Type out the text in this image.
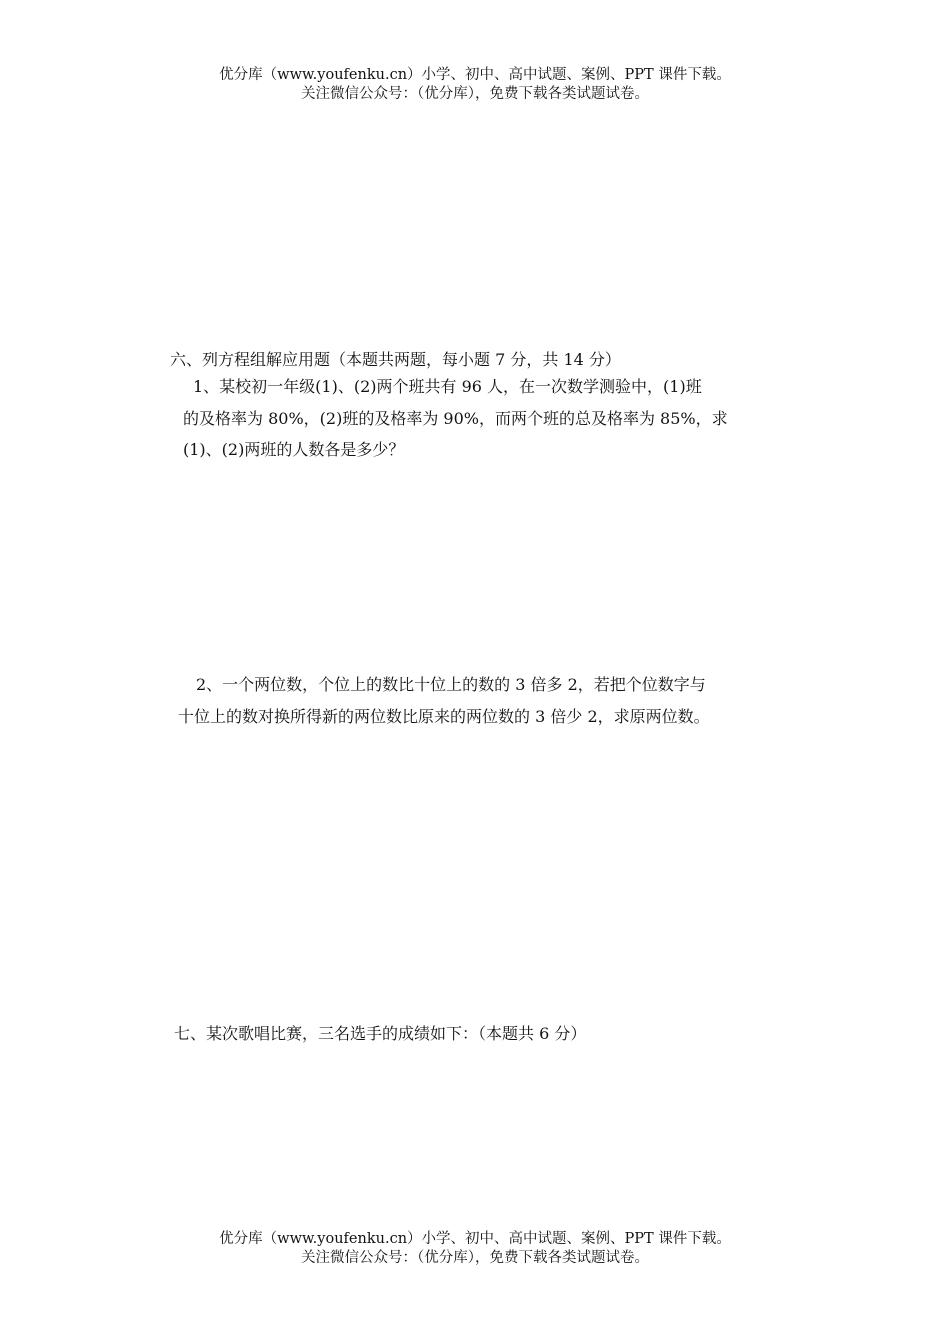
优分库（www.youfenku.cn）小学、初中、高中试题、案例、PPT 课件下载。
关注微信公众号：（优分库），免费下载各类试题试卷。
六、列方程组解应用题（本题共两题，每小题 7 分，共 14 分）
1、某校初一年级(1)、(2)两个班共有 96 人，在一次数学测验中，(1)班
的及格率为 80%，(2)班的及格率为 90%，而两个班的总及格率为 85%，求
(1)、(2)两班的人数各是多少？
2、一个两位数，个位上的数比十位上的数的 3 倍多 2，若把个位数字与
十位上的数对换所得新的两位数比原来的两位数的 3 倍少 2，求原两位数。
七、某次歌唱比赛，三名选手的成绩如下：（本题共 6 分）
优分库（www.youfenku.cn）小学、初中、高中试题、案例、PPT 课件下载。
关注微信公众号：（优分库），免费下载各类试题试卷。
